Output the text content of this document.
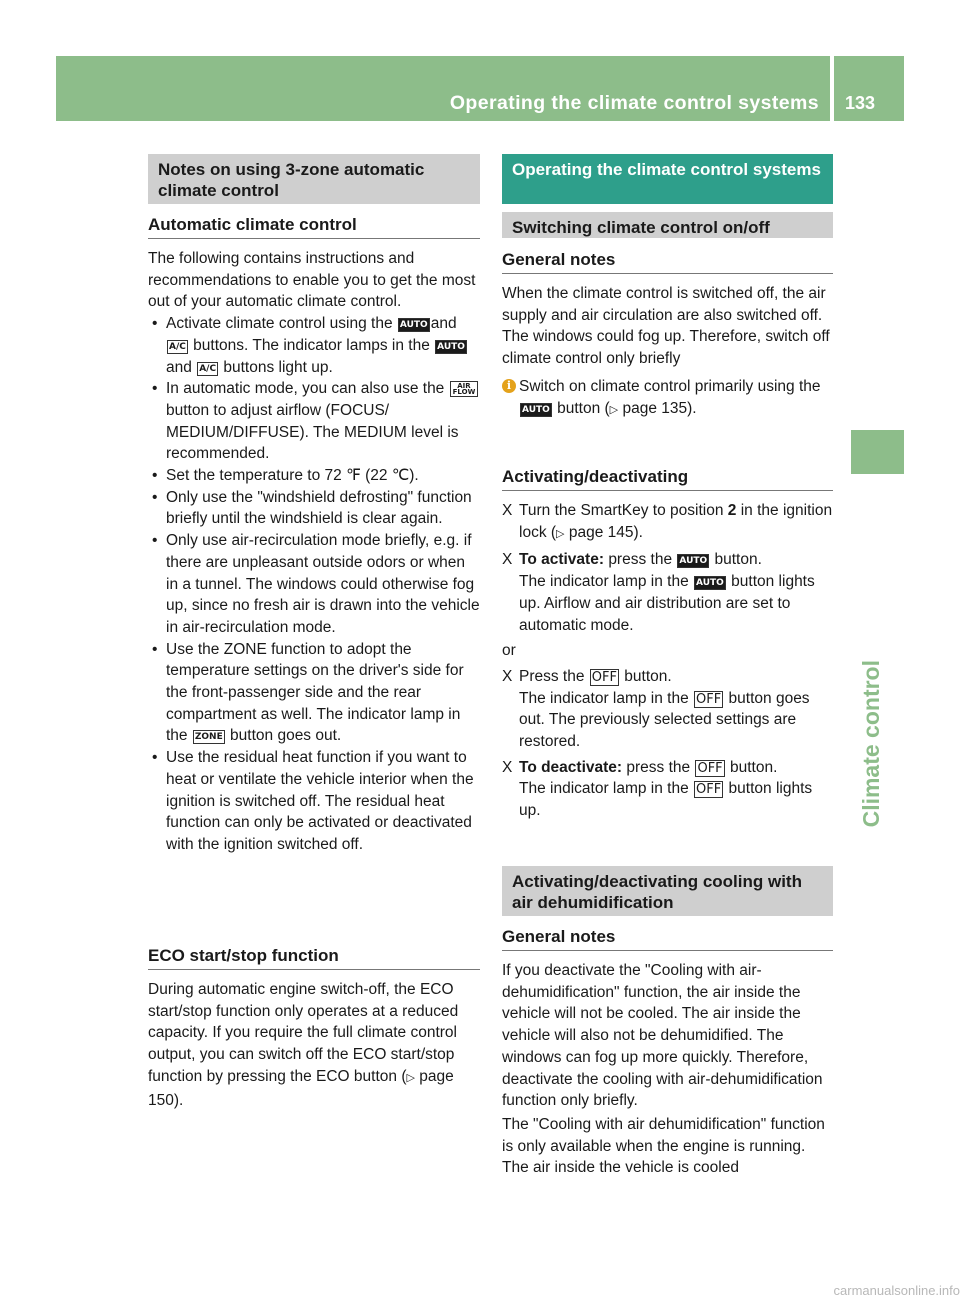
Operating the climate control systems 133
Climate control
Notes on using 3-zone automatic climate control
Automatic climate control

The following contains instructions and recommendations to enable you to get the most out of your automatic climate control.

• Activate climate control using the AUTO and A/C buttons. The indicator lamps in the AUTO and A/C buttons light up.

• In automatic mode, you can also use the AIR
FLOW button to adjust airflow (FOCUS/ MEDIUM/DIFFUSE). The MEDIUM level is recommended.

• Set the temperature to 72 ℉ (22 ℃).

• Only use the "windshield defrosting" function briefly until the windshield is clear again.

• Only use air-recirculation mode briefly, e.g. if there are unpleasant outside odors or when in a tunnel. The windows could otherwise fog up, since no fresh air is drawn into the vehicle in air-recirculation mode.

• Use the ZONE function to adopt the temperature settings on the driver's side for the front-passenger side and the rear compartment as well. The indicator lamp in the ZONE button goes out.

• Use the residual heat function if you want to heat or ventilate the vehicle interior when the ignition is switched off. The residual heat function can only be activated or deactivated with the ignition switched off.

ECO start/stop function

During automatic engine switch-off, the ECO start/stop function only operates at a reduced capacity. If you require the full climate control output, you can switch off the ECO start/stop function by pressing the ECO button (▷ page 150).

Operating the climate control systems
Switching climate control on/off
General notes

When the climate control is switched off, the air supply and air circulation are also switched off. The windows could fog up. Therefore, switch off climate control only briefly

i Switch on climate control primarily using the AUTO button (▷ page 135).

Activating/deactivating

X Turn the SmartKey to position 2 in the ignition lock (▷ page 145).

X To activate: press the AUTO button.

The indicator lamp in the AUTO button lights up. Airflow and air distribution are set to automatic mode.

or

X Press the OFF button.

The indicator lamp in the OFF button goes out. The previously selected settings are restored.

X To deactivate: press the OFF button.

The indicator lamp in the OFF button lights up.

Activating/deactivating cooling with air dehumidification
General notes

If you deactivate the "Cooling with air-dehumidification" function, the air inside the vehicle will not be cooled. The air inside the vehicle will also not be dehumidified. The windows can fog up more quickly. Therefore, deactivate the cooling with air-dehumidification function only briefly.

The "Cooling with air dehumidification" function is only available when the engine is running. The air inside the vehicle is cooled

carmanualsonline.info
